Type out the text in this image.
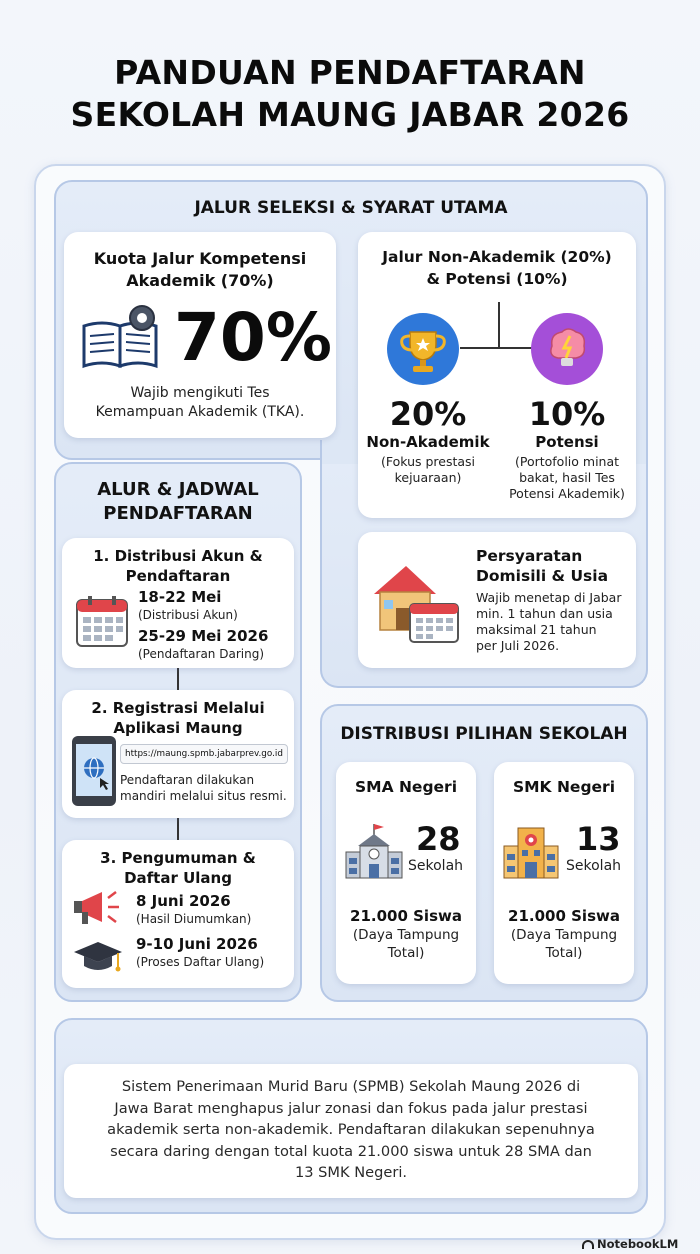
PANDUAN PENDAFTARAN
SEKOLAH MAUNG JABAR 2026
JALUR SELEKSI & SYARAT UTAMA
Kuota Jalur Kompetensi
Akademik (70%)
70%
Wajib mengikuti Tes
Kemampuan Akademik (TKA).
Jalur Non-Akademik (20%)
& Potensi (10%)
20%
Non-Akademik
(Fokus prestasi
kejuaraan)
10%
Potensi
(Portofolio minat
bakat, hasil Tes
Potensi Akademik)
Persyaratan
Domisili & Usia
Wajib menetap di Jabar
min. 1 tahun dan usia
maksimal 21 tahun
per Juli 2026.
ALUR & JADWAL
PENDAFTARAN
1. Distribusi Akun &
Pendaftaran
18-22 Mei
(Distribusi Akun)
25-29 Mei 2026
(Pendaftaran Daring)
2. Registrasi Melalui
Aplikasi Maung
https://maung.spmb.jabarprev.go.id
Pendaftaran dilakukan
mandiri melalui situs resmi.
3. Pengumuman &
Daftar Ulang
8 Juni 2026
(Hasil Diumumkan)
9-10 Juni 2026
(Proses Daftar Ulang)
DISTRIBUSI PILIHAN SEKOLAH
SMA Negeri
28
Sekolah
21.000 Siswa
(Daya Tampung
Total)
SMK Negeri
13
Sekolah
21.000 Siswa
(Daya Tampung
Total)
Sistem Penerimaan Murid Baru (SPMB) Sekolah Maung 2026 di
Jawa Barat menghapus jalur zonasi dan fokus pada jalur prestasi
akademik serta non-akademik. Pendaftaran dilakukan sepenuhnya
secara daring dengan total kuota 21.000 siswa untuk 28 SMA dan
13 SMK Negeri.
NotebookLM
